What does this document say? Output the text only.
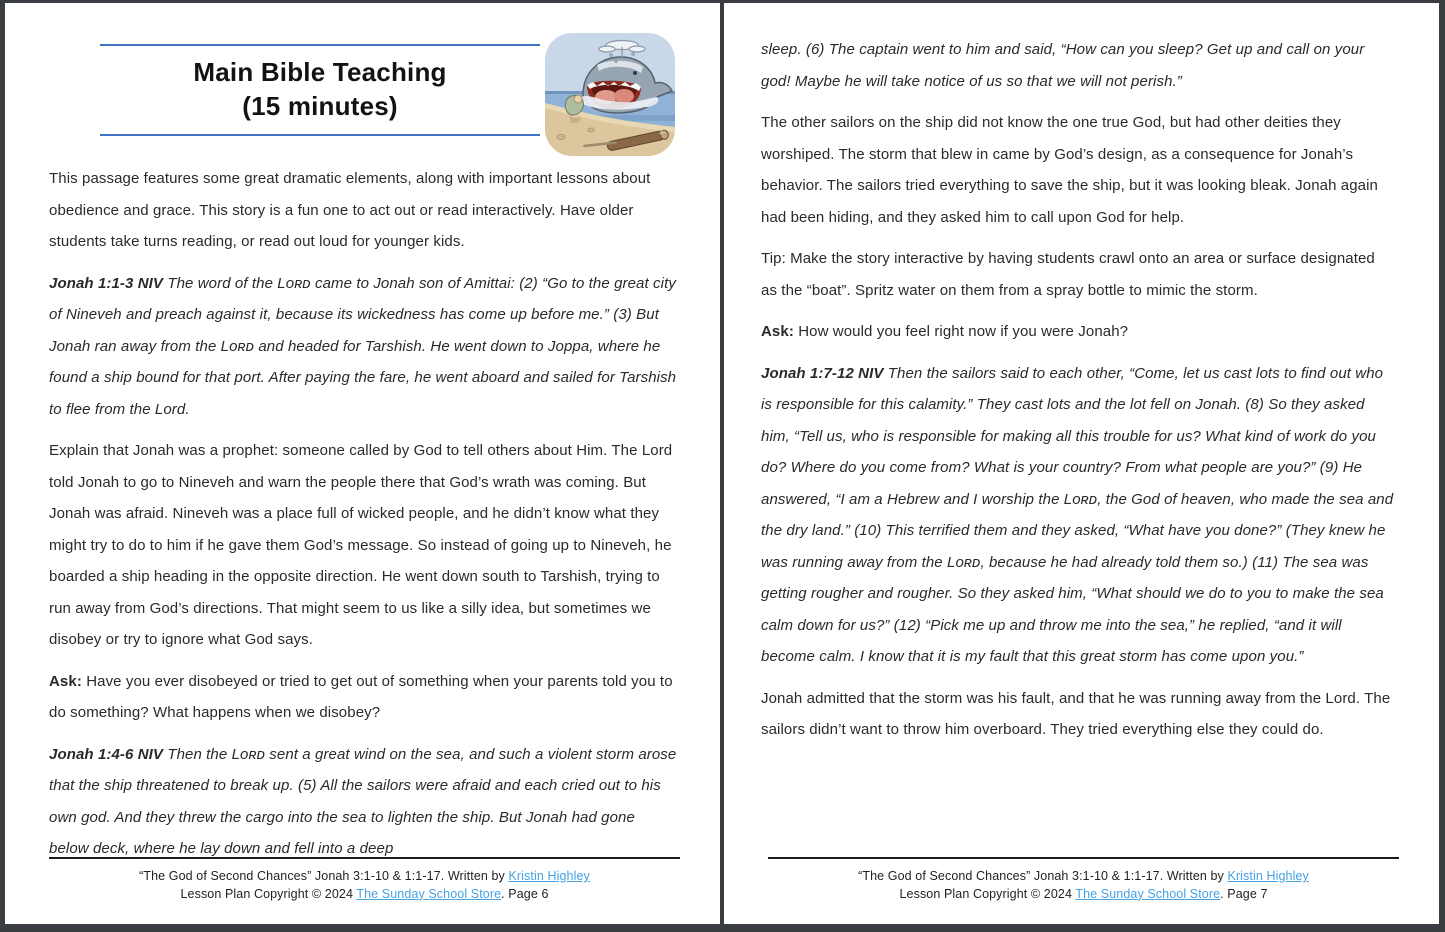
Main Bible Teaching
(15 minutes)

This passage features some great dramatic elements, along with important lessons about obedience and grace. This story is a fun one to act out or read interactively. Have older students take turns reading, or read out loud for younger kids.

Jonah 1:1-3 NIV The word of the Lᴏʀᴅ came to Jonah son of Amittai: (2) “Go to the great city of Nineveh and preach against it, because its wickedness has come up before me.” (3) But Jonah ran away from the Lᴏʀᴅ and headed for Tarshish. He went down to Joppa, where he found a ship bound for that port. After paying the fare, he went aboard and sailed for Tarshish to flee from the Lord.

Explain that Jonah was a prophet: someone called by God to tell others about Him. The Lord told Jonah to go to Nineveh and warn the people there that God’s wrath was coming. But Jonah was afraid. Nineveh was a place full of wicked people, and he didn’t know what they might try to do to him if he gave them God’s message. So instead of going up to Nineveh, he boarded a ship heading in the opposite direction. He went down south to Tarshish, trying to run away from God’s directions. That might seem to us like a silly idea, but sometimes we disobey or try to ignore what God says.

Ask: Have you ever disobeyed or tried to get out of something when your parents told you to do something? What happens when we disobey?

Jonah 1:4-6 NIV Then the Lᴏʀᴅ sent a great wind on the sea, and such a violent storm arose that the ship threatened to break up. (5) All the sailors were afraid and each cried out to his own god. And they threw the cargo into the sea to lighten the ship. But Jonah had gone below deck, where he lay down and fell into a deep

“The God of Second Chances” Jonah 3:1-10 & 1:1-17. Written by Kristin Highley
Lesson Plan Copyright © 2024 The Sunday School Store. Page 6

sleep. (6) The captain went to him and said, “How can you sleep? Get up and call on your god! Maybe he will take notice of us so that we will not perish.”

The other sailors on the ship did not know the one true God, but had other deities they worshiped. The storm that blew in came by God’s design, as a consequence for Jonah’s behavior. The sailors tried everything to save the ship, but it was looking bleak. Jonah again had been hiding, and they asked him to call upon God for help.

Tip: Make the story interactive by having students crawl onto an area or surface designated as the “boat”. Spritz water on them from a spray bottle to mimic the storm.

Ask: How would you feel right now if you were Jonah?

Jonah 1:7-12 NIV Then the sailors said to each other, “Come, let us cast lots to find out who is responsible for this calamity.” They cast lots and the lot fell on Jonah. (8) So they asked him, “Tell us, who is responsible for making all this trouble for us? What kind of work do you do? Where do you come from? What is your country? From what people are you?” (9) He answered, “I am a Hebrew and I worship the Lᴏʀᴅ, the God of heaven, who made the sea and the dry land.” (10) This terrified them and they asked, “What have you done?” (They knew he was running away from the Lᴏʀᴅ, because he had already told them so.) (11) The sea was getting rougher and rougher. So they asked him, “What should we do to you to make the sea calm down for us?” (12) “Pick me up and throw me into the sea,” he replied, “and it will become calm. I know that it is my fault that this great storm has come upon you.”

Jonah admitted that the storm was his fault, and that he was running away from the Lord. The sailors didn’t want to throw him overboard. They tried everything else they could do.

“The God of Second Chances” Jonah 3:1-10 & 1:1-17. Written by Kristin Highley
Lesson Plan Copyright © 2024 The Sunday School Store. Page 7
